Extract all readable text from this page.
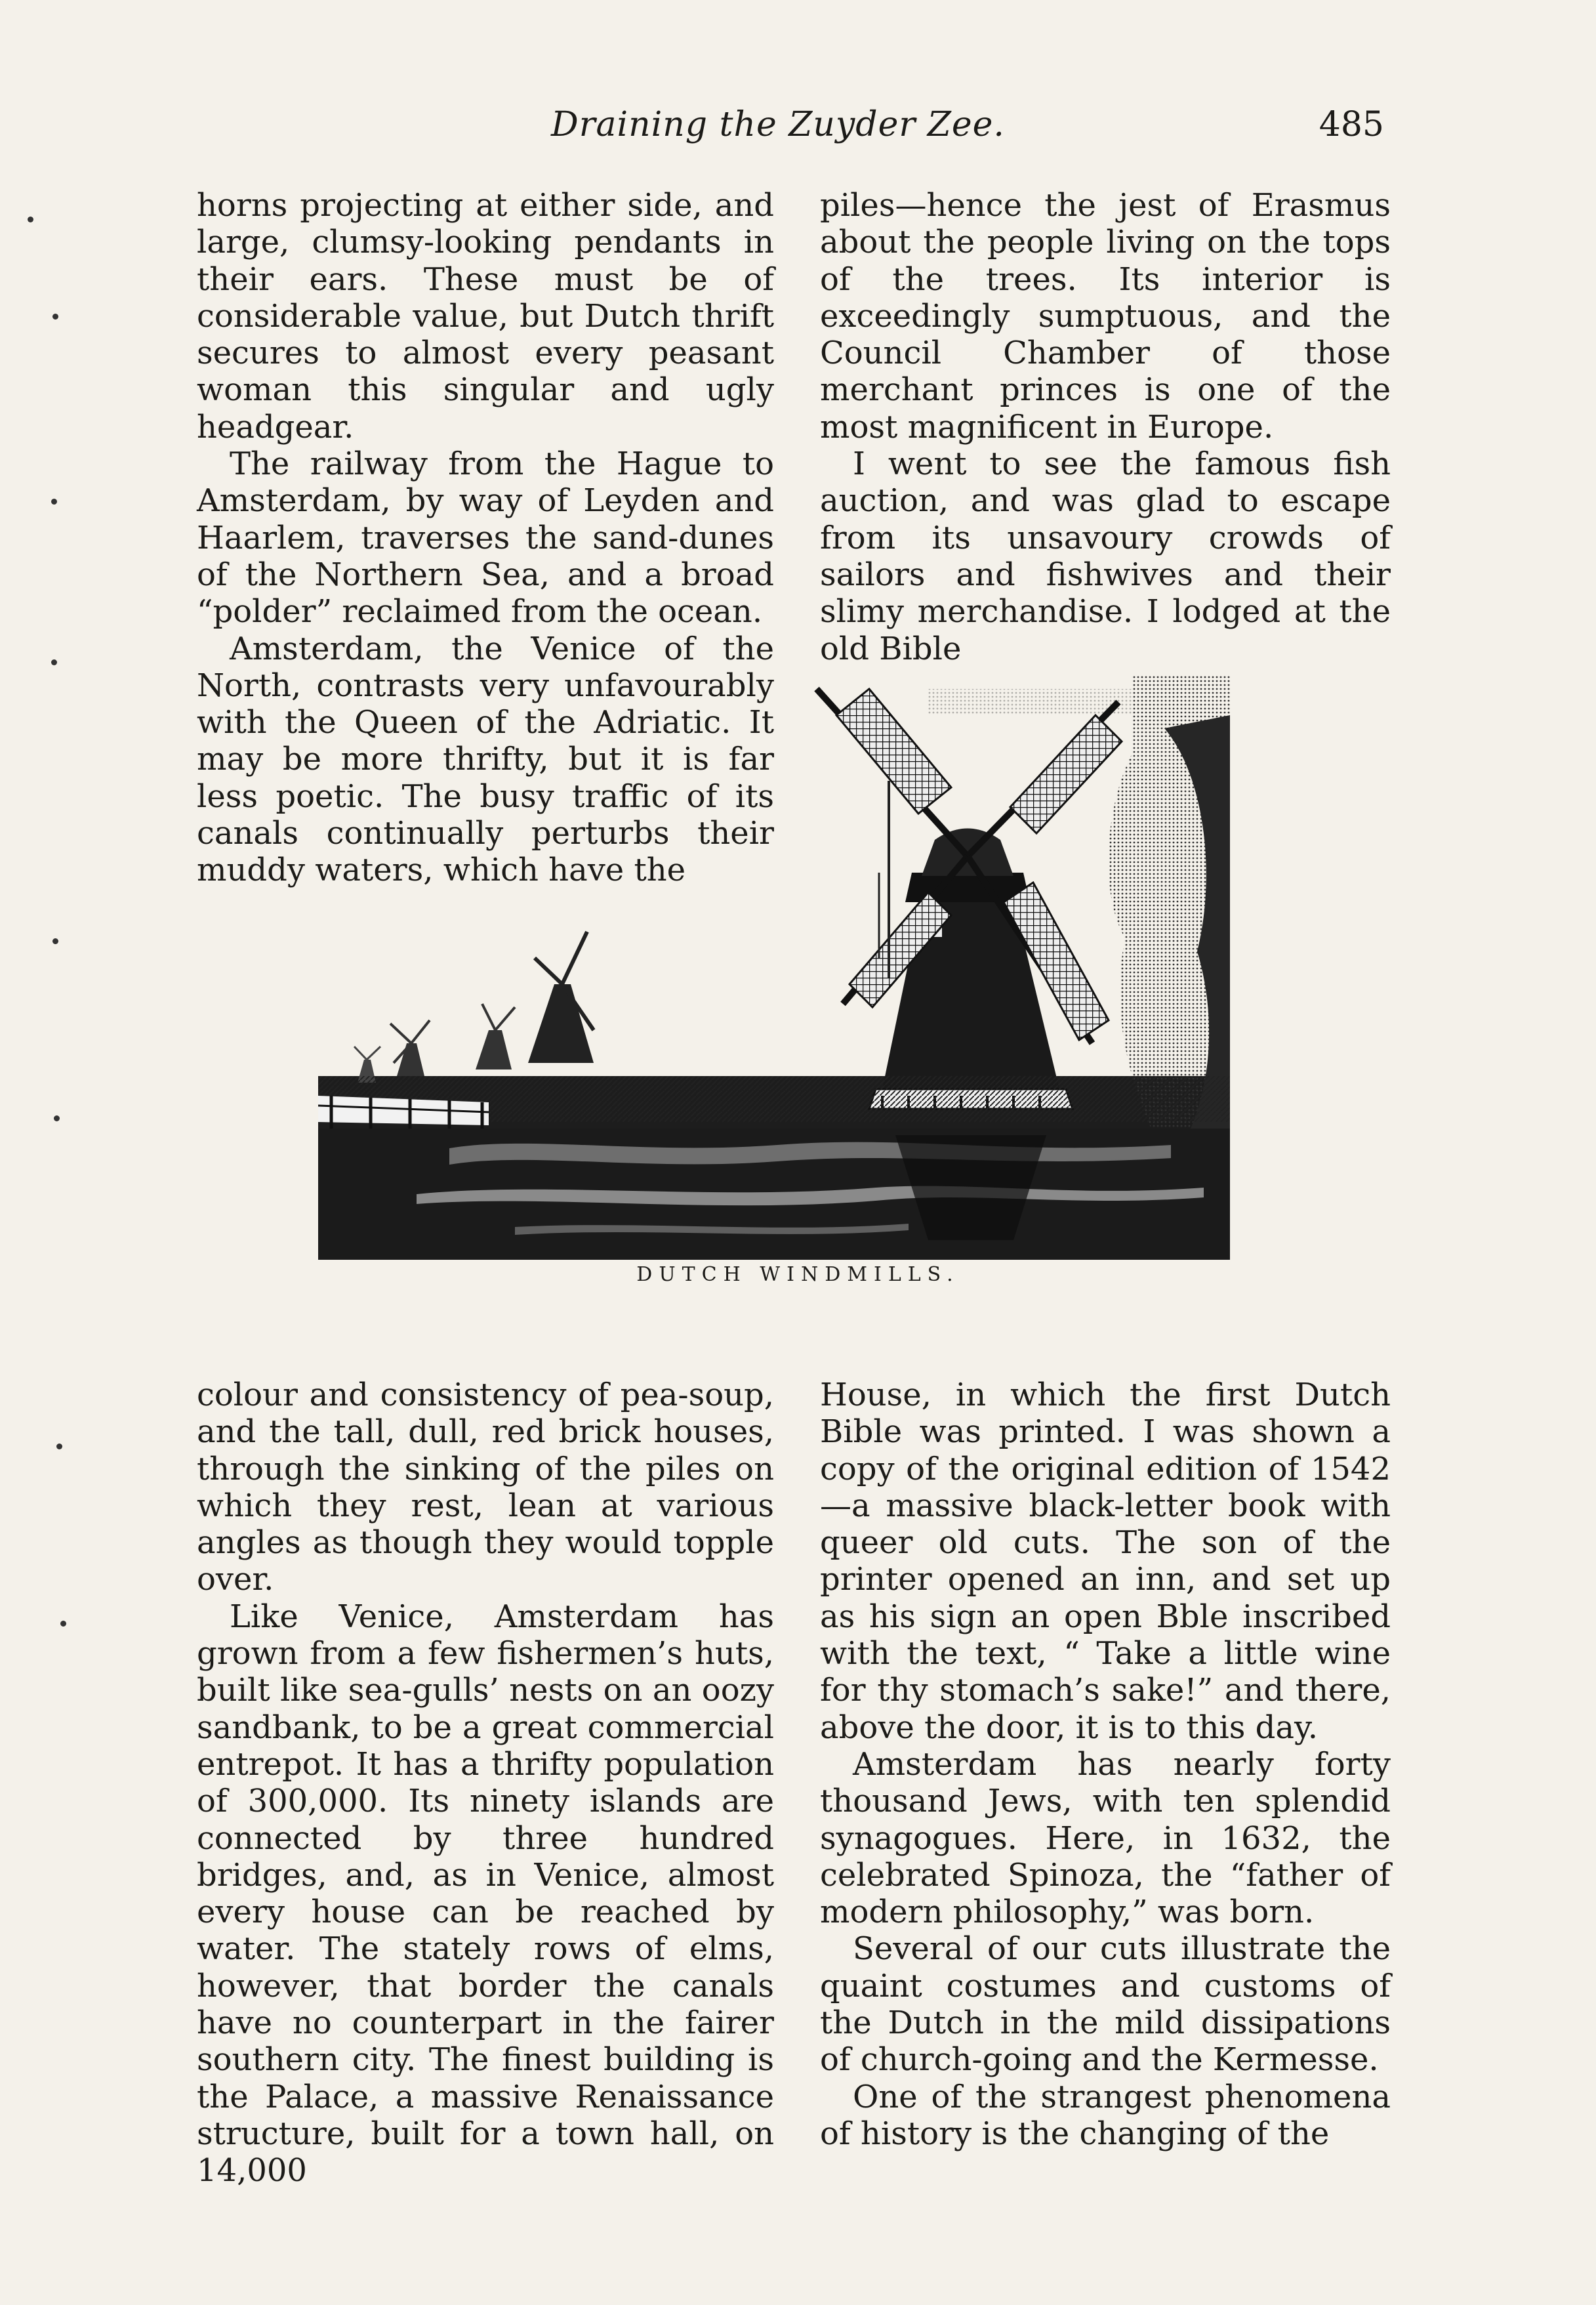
Draining the Zuyder Zee.	485

horns projecting at either side, and large, clumsy-looking pendants in their ears. These must be of considerable value, but Dutch thrift secures to almost every peasant woman this singular and ugly headgear.

The railway from the Hague to Amsterdam, by way of Leyden and Haarlem, traverses the sand-dunes of the Northern Sea, and a broad “polder” reclaimed from the ocean.

Amsterdam, the Venice of the North, contrasts very unfavourably with the Queen of the Adriatic. It may be more thrifty, but it is far less poetic. The busy traffic of its canals continually perturbs their muddy waters, which have the

piles—hence the jest of Erasmus about the people living on the tops of the trees. Its interior is exceedingly sumptuous, and the Council Chamber of those merchant princes is one of the most magnificent in Europe.

I went to see the famous fish auction, and was glad to escape from its unsavoury crowds of sailors and fishwives and their slimy merchandise. I lodged at the old Bible

DUTCH WINDMILLS.

colour and consistency of pea-soup, and the tall, dull, red brick houses, through the sinking of the piles on which they rest, lean at various angles as though they would topple over.

Like Venice, Amsterdam has grown from a few fishermen’s huts, built like sea-gulls’ nests on an oozy sandbank, to be a great commercial entrepot. It has a thrifty population of 300,000. Its ninety islands are connected by three hundred bridges, and, as in Venice, almost every house can be reached by water. The stately rows of elms, however, that border the canals have no counterpart in the fairer southern city. The finest building is the Palace, a massive Renaissance structure, built for a town hall, on 14,000

House, in which the first Dutch Bible was printed. I was shown a copy of the original edition of 1542 —a massive black-letter book with queer old cuts. The son of the printer opened an inn, and set up as his sign an open Bble inscribed with the text, “ Take a little wine for thy stomach’s sake!” and there, above the door, it is to this day.

Amsterdam has nearly forty thousand Jews, with ten splendid synagogues. Here, in 1632, the celebrated Spinoza, the “father of modern philosophy,” was born.

Several of our cuts illustrate the quaint costumes and customs of the Dutch in the mild dissipations of church-going and the Kermesse.

One of the strangest phenomena of history is the changing of the
